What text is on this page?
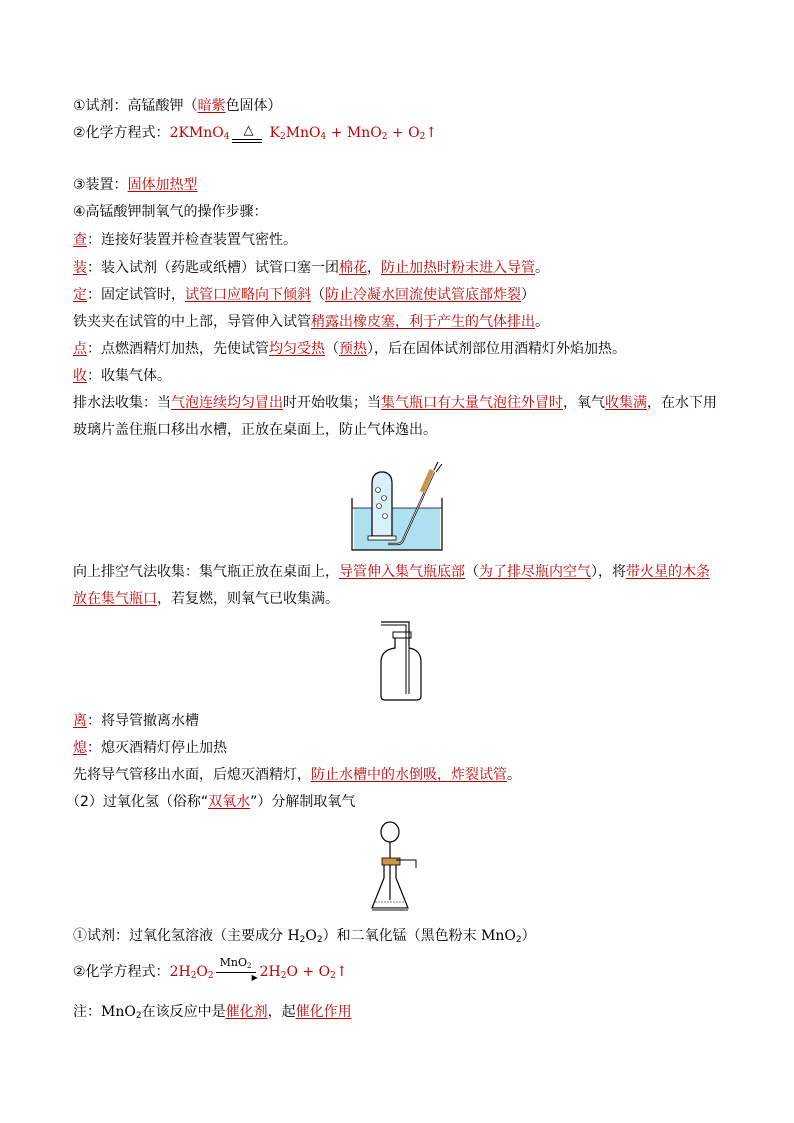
①试剂：高锰酸钾（暗紫色固体）
②化学方程式：2KMnO$_4$ △ $K_2MnO_4 + MnO_2$ + $O_2↑$
③装置：固体加热型
④高锰酸钾制氧气的操作步骤：
查：连接好装置并检查装置气密性。
装：装入试剂（药匙或纸槽）试管口塞一团棉花，防止加热时粉末进入导管。
定：固定试管时，试管口应略向下倾斜（防止冷凝水回流使试管底部炸裂）
铁夹夹在试管的中上部，导管伸入试管稍露出橡皮塞，利于产生的气体排出。
点：点燃酒精灯加热，先使试管均匀受热（预热），后在固体试剂部位用酒精灯外焰加热。
收：收集气体。
排水法收集：当气泡连续均匀冒出时开始收集；当集气瓶口有大量气泡往外冒时，氧气收集满，在水下用
玻璃片盖住瓶口移出水槽，正放在桌面上，防止气体逸出。
向上排空气法收集：集气瓶正放在桌面上，导管伸入集气瓶底部（为了排尽瓶内空气），将带火星的木条
放在集气瓶口，若复燃，则氧气已收集满。
离：将导管撤离水槽
熄：熄灭酒精灯停止加热
先将导气管移出水面，后熄灭酒精灯，防止水槽中的水倒吸，炸裂试管。
（2）过氧化氢（俗称“双氧水”）分解制取氧气
①试剂：过氧化氢溶液（主要成分 $H_2O_2$）和二氧化锰（黑色粉末 MnO$_2$）
②化学方程式：$2H_2O_2$
MnO$_2$
▶ $2H_2O$ + $O_2↑$
注：MnO$_2$在该反应中是催化剂，起催化作用
